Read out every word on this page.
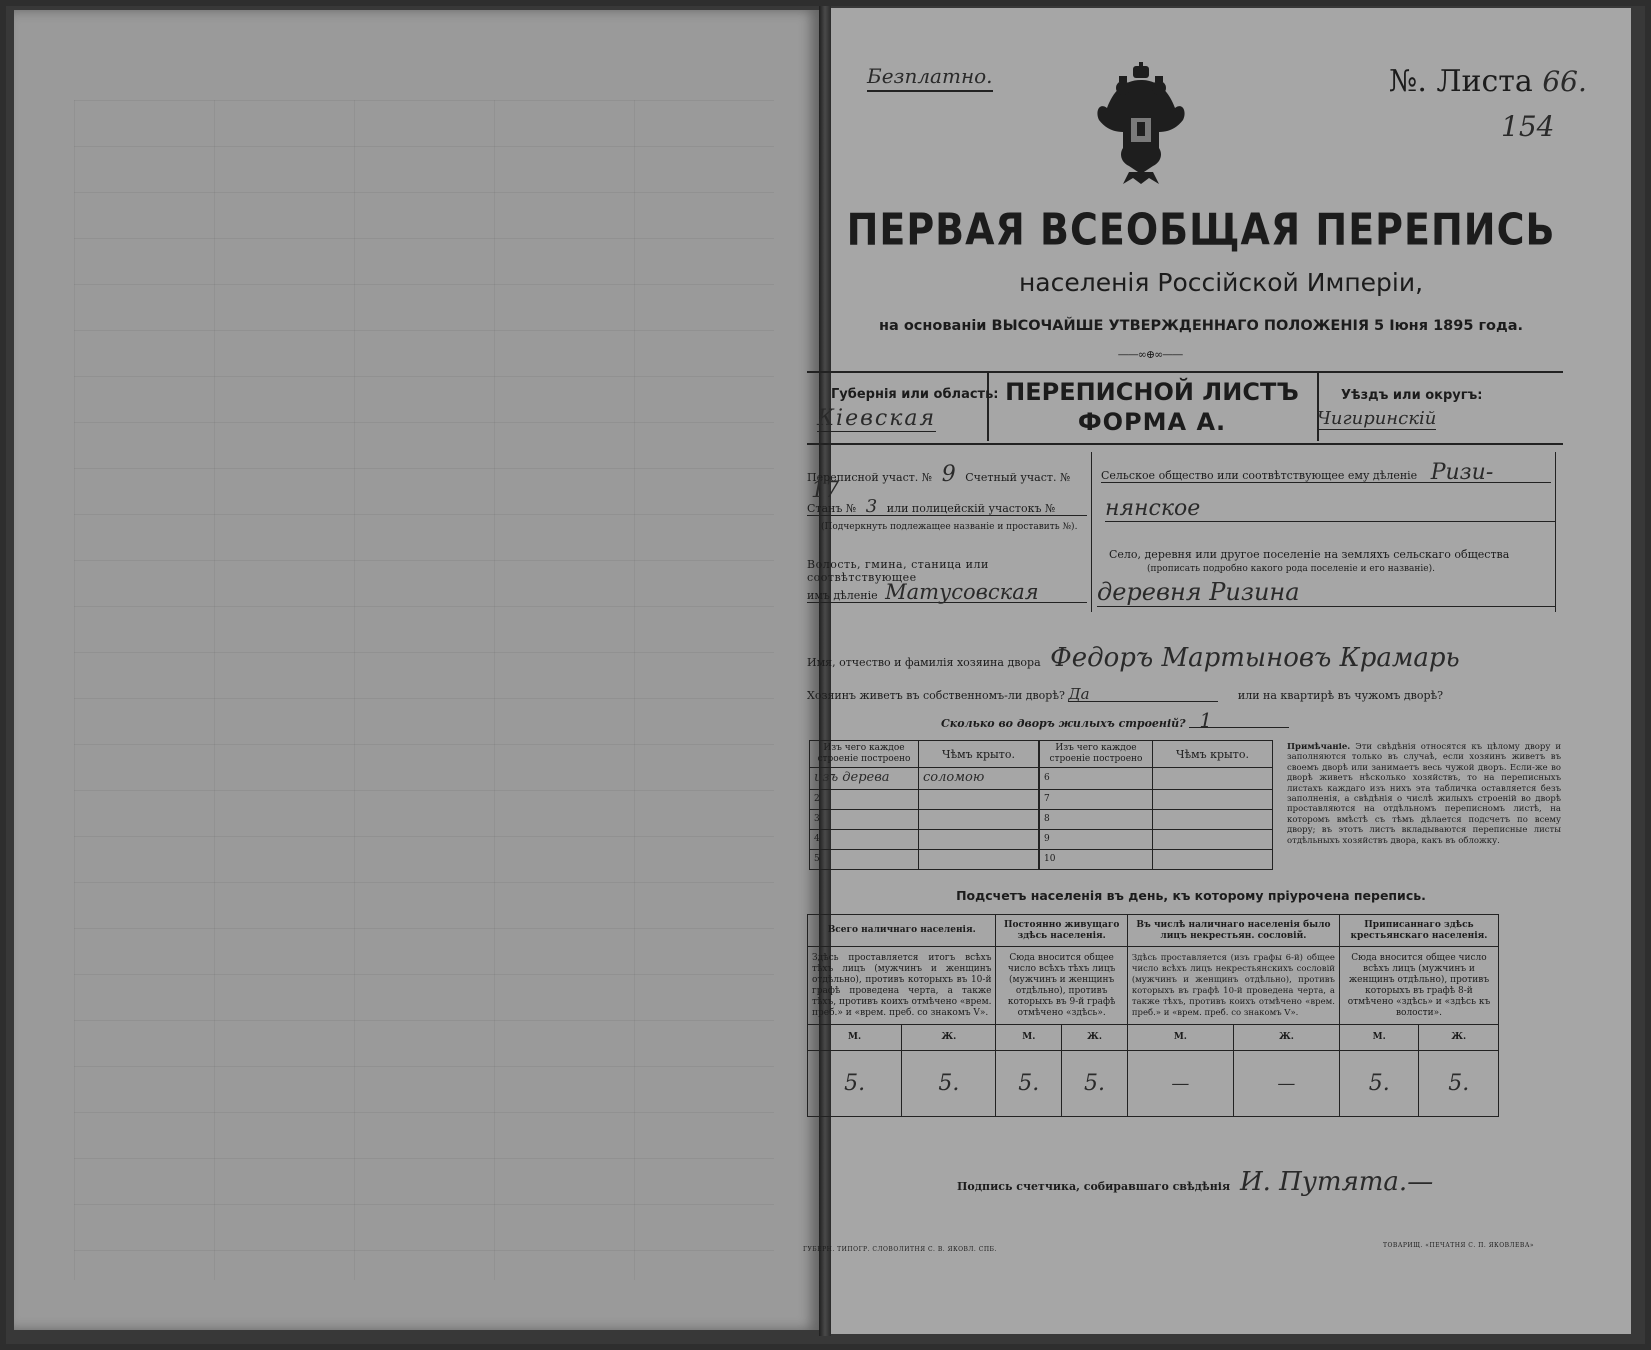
Безплатно.	№. Листа 66.
154
ПЕРВАЯ ВСЕОБЩАЯ ПЕРЕПИСЬ
населенія Россійской Имперіи,
на основаніи ВЫСОЧАЙШЕ УТВЕРЖДЕННАГО ПОЛОЖЕНІЯ 5 Іюня 1895 года.
——∞⊕∞——
Губернія или область:
Кіевская
ПЕРЕПИСНОЙ ЛИСТЪ
ФОРМА А.
Уѣздъ или округъ:
Чигиринскій
Переписной участ. № 9 Счетный участ. № 17
Станъ № 3 или полицейскій участокъ №
(Подчеркнуть подлежащее названіе и проставить №).
Волость, гмина, станица или соотвѣтствующее
имъ дѣленіе Матусовская
Сельское общество или соотвѣтствующее ему дѣленіе Ризи-
нянское
Село, деревня или другое поселеніе на земляхъ сельскаго общества
(прописать подробно какого рода поселеніе и его названіе).
деревня Ризина
Имя, отчество и фамилія хозяина двора Федоръ Мартыновъ Крамарь
Хозяинъ живетъ въ собственномъ-ли дворѣ? Да	или на квартирѣ въ чужомъ дворѣ?
Сколько во дворъ жилыхъ строеній? 1
Изъ чего каждое строеніе построено	Чѣмъ крыто.
изъ дерева	соломою
2	
3	
4	
5	
Изъ чего каждое строеніе построено	Чѣмъ крыто.
6	
7	
8	
9	
10	
Примѣчаніе. Эти свѣдѣнія относятся къ цѣлому двору и заполняются только въ случаѣ, если хозяинъ живетъ въ своемъ дворѣ или занимаетъ весь чужой дворъ. Если-же во дворѣ живетъ нѣсколько хозяйствъ, то на переписныхъ листахъ каждаго изъ нихъ эта табличка оставляется безъ заполненія, а свѣдѣнія о числѣ жилыхъ строеній во дворѣ проставляются на отдѣльномъ переписномъ листѣ, на которомъ вмѣстѣ съ тѣмъ дѣлается подсчетъ по всему двору; въ этотъ листъ вкладываются переписные листы отдѣльныхъ хозяйствъ двора, какъ въ обложку.
Подсчетъ населенія въ день, къ которому пріурочена перепись.
Всего наличнаго населенія.		Постоянно живущаго здѣсь населенія.		Въ числѣ наличнаго населенія было лицъ некрестьян. сословій.		Приписаннаго здѣсь крестьянскаго населенія.	
Здѣсь проставляется итогъ всѣхъ тѣхъ лицъ (мужчинъ и женщинъ отдѣльно), противъ которыхъ въ 10-й графѣ проведена черта, а также тѣхъ, противъ коихъ отмѣчено «врем. преб.» и «врем. преб. со знакомъ V».		Сюда вносится общее число всѣхъ тѣхъ лицъ (мужчинъ и женщинъ отдѣльно), противъ которыхъ въ 9-й графѣ отмѣчено «здѣсь».		Здѣсь проставляется (изъ графы 6-й) общее число всѣхъ лицъ некрестьянскихъ сословій (мужчинъ и женщинъ отдѣльно), противъ которыхъ въ графѣ 10-й проведена черта, а также тѣхъ, противъ коихъ отмѣчено «врем. преб.» и «врем. преб. со знакомъ V».		Сюда вносится общее число всѣхъ лицъ (мужчинъ и женщинъ отдѣльно), противъ которыхъ въ графѣ 8-й отмѣчено «здѣсь» и «здѣсь къ волости».	
М.	Ж.	М.	Ж.	М.	Ж.	М.	Ж.
5.	5.	5.	5.	—	—	5.	5.
Подпись счетчика, собиравшаго свѣдѣнія И. Путята.—
ГУБЕРН. ТИПОГР. СЛОВОЛИТНЯ С. В. ЯКОВЛ. СПБ.
ТОВАРИЩ. «ПЕЧАТНЯ С. П. ЯКОВЛЕВА»
